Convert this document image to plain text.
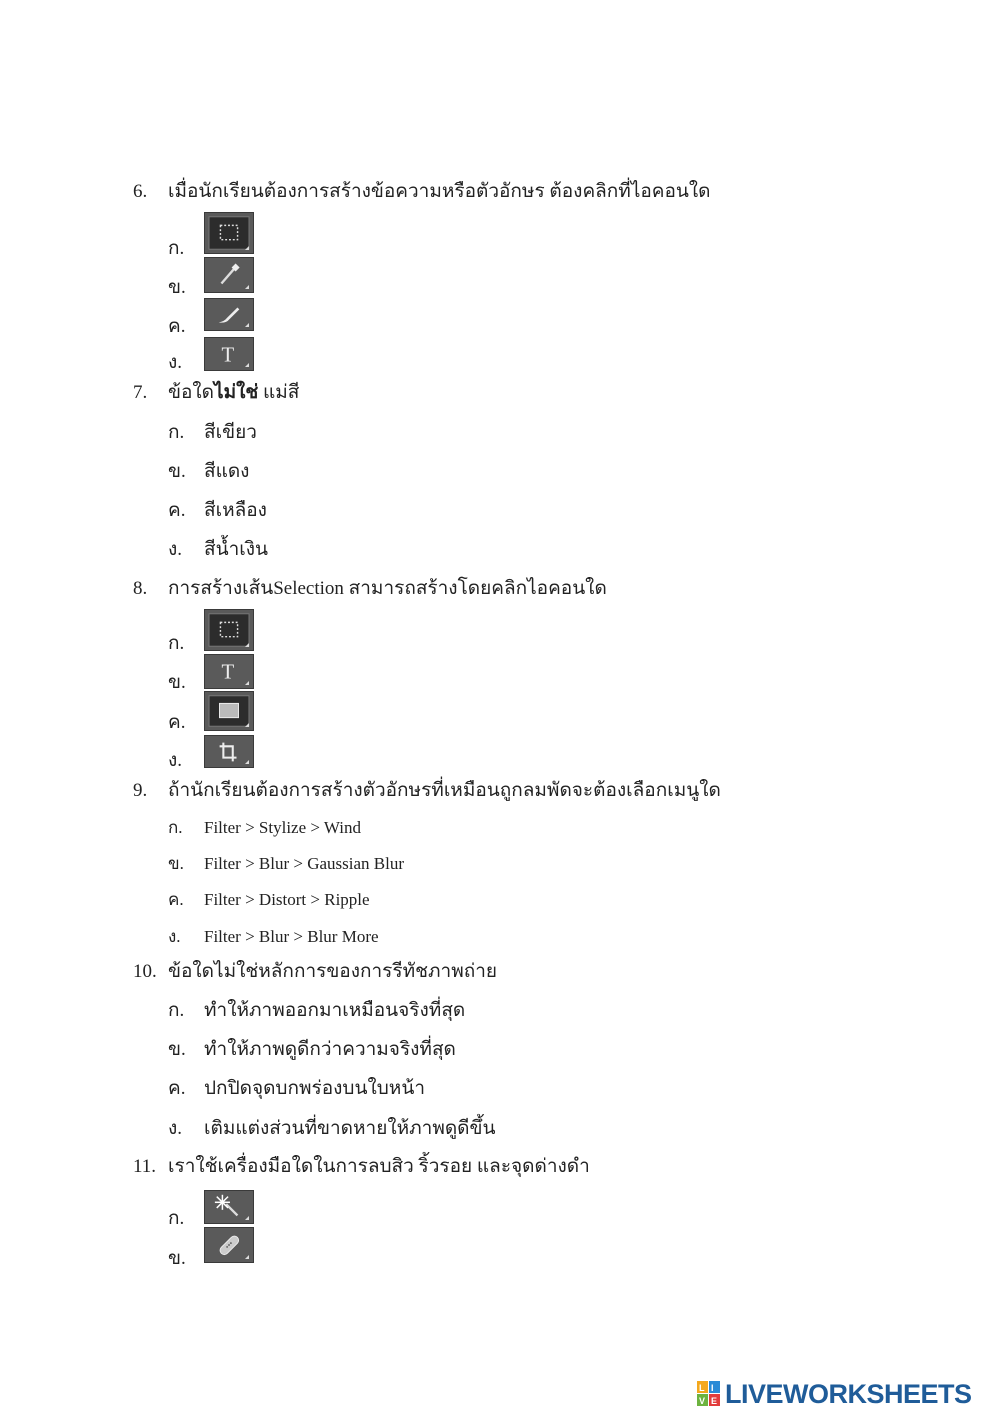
6. เมื่อนักเรียนต้องการสร้างข้อความหรือตัวอักษร ต้องคลิกที่ไอคอนใด
ก.
ข.
ค.
ง. T
7. ข้อใดไม่ใช่ แม่สี
ก. สีเขียว
ข. สีแดง
ค. สีเหลือง
ง. สีน้ำเงิน
8. การสร้างเส้นSelection สามารถสร้างโดยคลิกไอคอนใด
ก.
ข. T
ค.
ง.
9. ถ้านักเรียนต้องการสร้างตัวอักษรที่เหมือนถูกลมพัดจะต้องเลือกเมนูใด
ก. Filter > Stylize > Wind
ข. Filter > Blur > Gaussian Blur
ค. Filter > Distort > Ripple
ง. Filter > Blur > Blur More
10. ข้อใดไม่ใช่หลักการของการรีทัชภาพถ่าย
ก. ทำให้ภาพออกมาเหมือนจริงที่สุด
ข. ทำให้ภาพดูดีกว่าความจริงที่สุด
ค. ปกปิดจุดบกพร่องบนใบหน้า
ง. เติมแต่งส่วนที่ขาดหายให้ภาพดูดีขึ้น
11. เราใช้เครื่องมือใดในการลบสิว ริ้วรอย และจุดด่างดำ
ก.
ข.
L I
V E LIVEWORKSHEETS
